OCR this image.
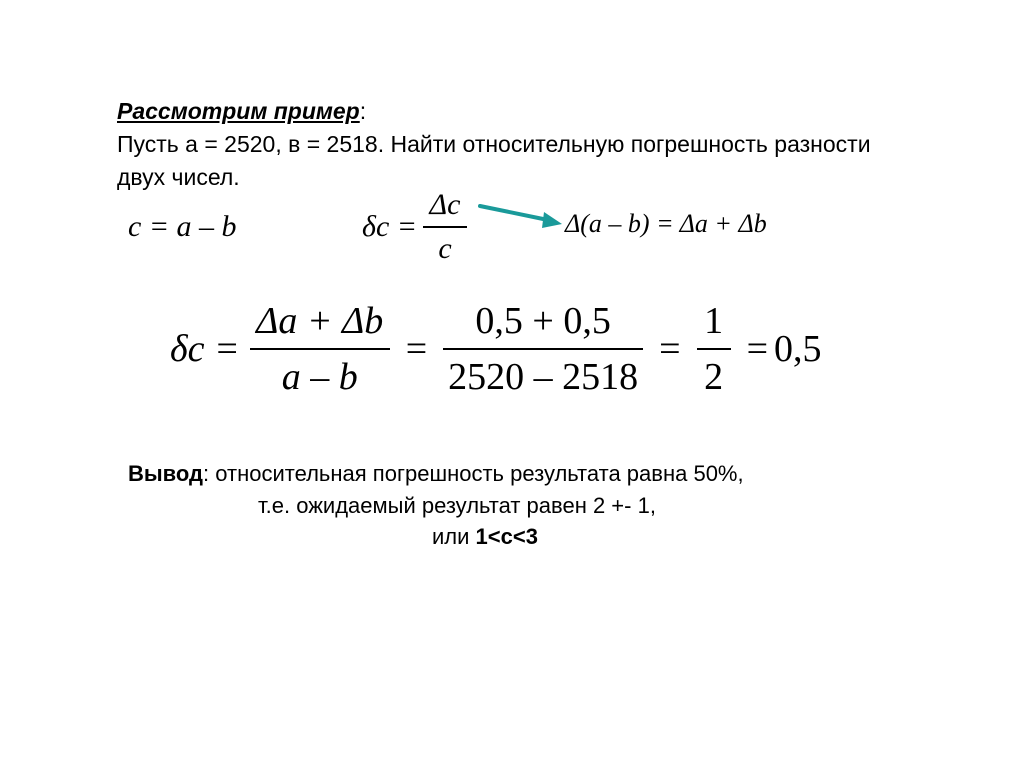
Рассмотрим пример:
Пусть а = 2520, в = 2518. Найти относительную погрешность разности
двух чисел.
c = a – b	$\delta c = \frac{\Delta c}{c}$	Δ(a – b) = Δa + Δb
$\delta c = \frac{\Delta a + \Delta b}{a - b} = \frac{0,5 + 0,5}{2520 - 2518} = \frac{1}{2} = 0,5$
Вывод: относительная погрешность результата равна 50%,
т.е. ожидаемый результат равен 2 +- 1,
или 1<c<3
